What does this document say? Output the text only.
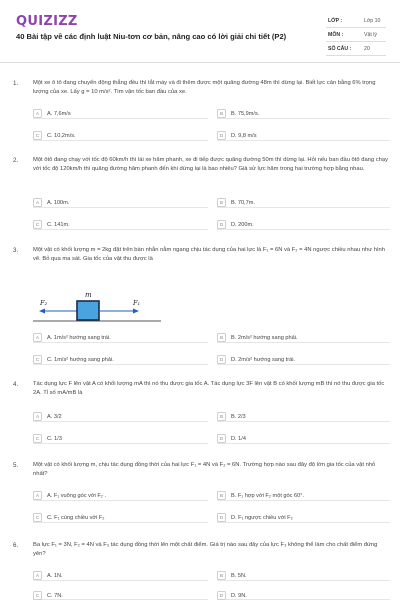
QUIZIZZ
40 Bài tập về các định luật Niu-tơn cơ bản, nâng cao có lời giải chi tiết (P2)
LỚP :	Lớp 10
MÔN :	Vật lý
SỐ CÂU : 20
1.	Một xe ô tô đang chuyển động thẳng đều thì tắt máy và đi thêm được một quãng đường 48m thì dừng lại. Biết lực cản bằng 6% trọng lượng của xe. Lấy g = 10 m/s². Tìm vận tốc ban đầu của xe.
A	A. 7,6m/s	B	B. 75,9m/s.
C	C. 10,2m/s.	D	D. 9,8 m/s
2.	Một ôtô đang chạy với tốc độ 60km/h thì lái xe hãm phanh, xe đi tiếp được quãng đường 50m thì dừng lại. Hỏi nếu ban đầu ôtô đang chạy với tốc độ 120km/h thì quãng đường hãm phanh đến khi dừng lại là bao nhiêu? Giả sử lực hãm trong hai trường hợp bằng nhau.
A	A. 100m.	B	B. 70,7m.
C	C. 141m.	D	D. 200m.
3.	Một vật có khối lượng m = 2kg đặt trên bàn nhẵn nằm ngang chịu tác dụng của hai lực là F₁ = 6N và F₂ = 4N ngược chiều nhau như hình vẽ. Bỏ qua ma sát. Gia tốc của vật thu được là
m
F₂	F₁
A	A. 1m/s² hướng sang trái.	B	B. 2m/s² hướng sang phải.
C	C. 1m/s² hướng sang phải.	D	D. 2m/s² hướng sang trái.
4.	Tác dụng lực F lên vật A có khối lượng mA thì nó thu được gia tốc A. Tác dụng lực 3F lên vật B có khối lượng mB thì nó thu được gia tốc 2A. Tỉ số mA/mB là
A	A. 3/2	B	B. 2/3
C	C. 1/3	D	D. 1/4
5.	Một vật có khối lượng m, chịu tác dụng đồng thời của hai lực F₁ = 4N và F₂ = 6N. Trường hợp nào sau đây độ lớn gia tốc của vật nhỏ nhất?
A	A. F₁ vuông góc với F₂ .	B	B. F₁ hợp với F₂ một góc 60°.
C	C. F₁ cùng chiều với F₂	D	D. F₁ ngược chiều với F₂
6.	Ba lực F₁ = 3N, F₂ = 4N và F₃ tác dụng đồng thời lên một chất điểm. Giá trị nào sau đây của lực F₃ không thể làm cho chất điểm đứng yên?
A	A. 1N.	B	B. 5N.
C	C. 7N.	D	D. 9N.
